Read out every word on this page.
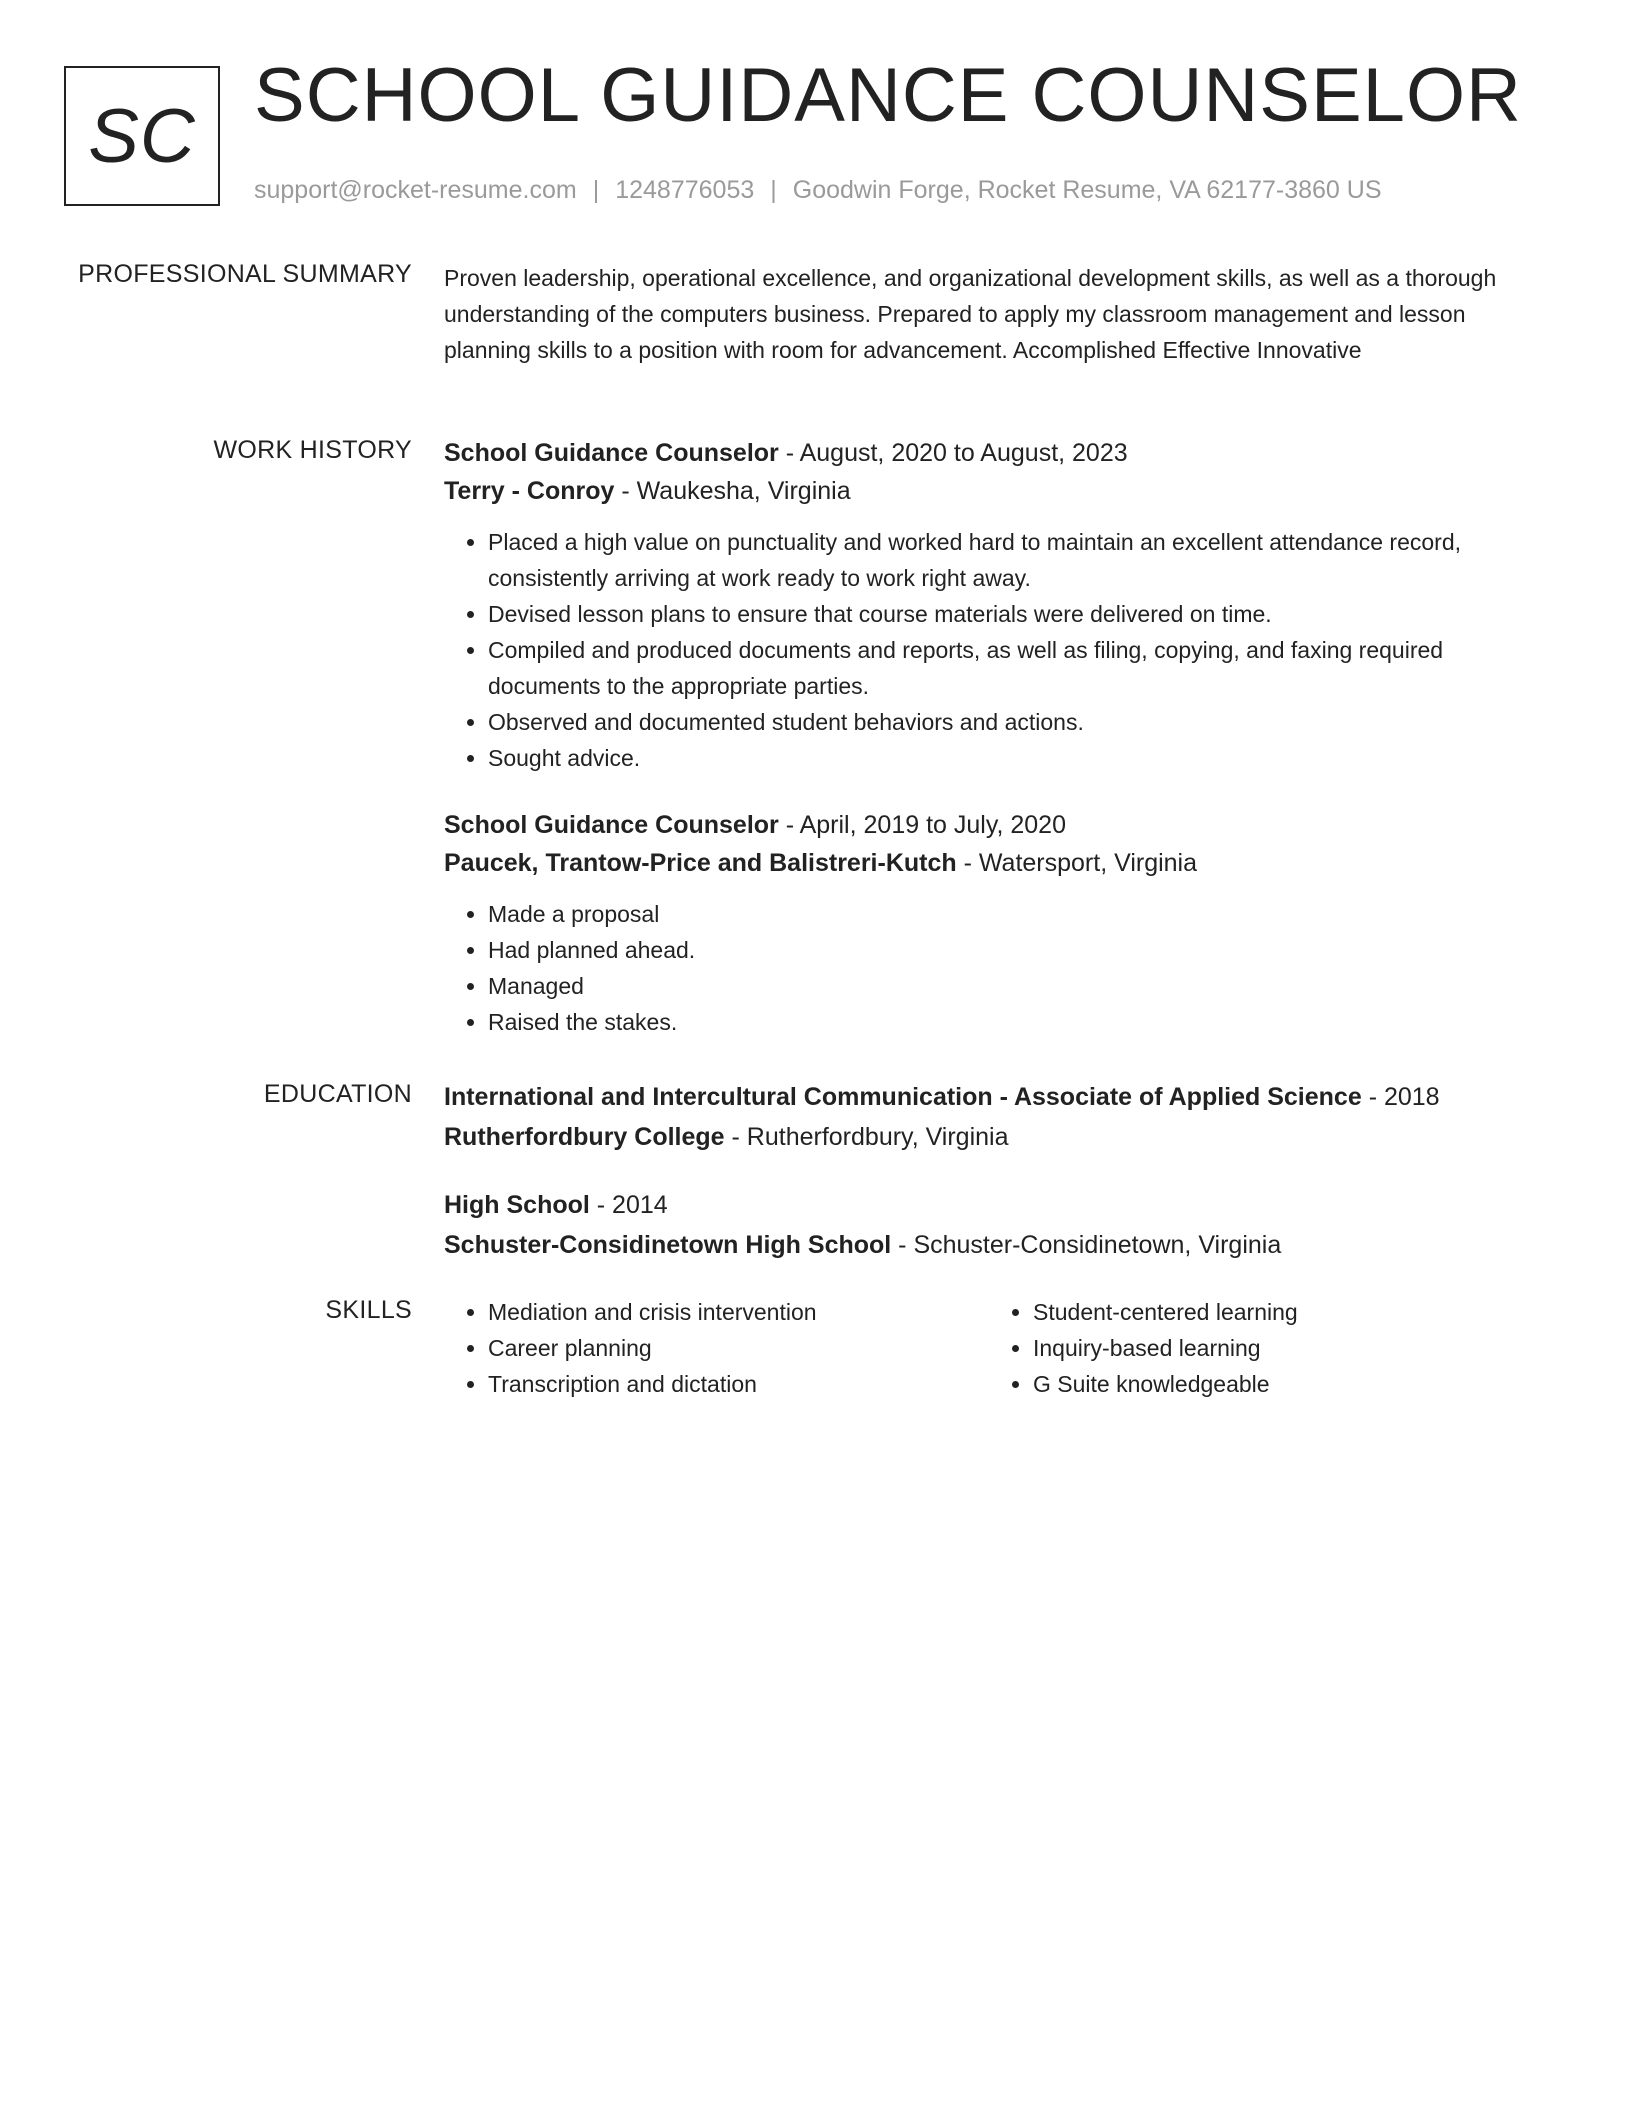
SC SCHOOL GUIDANCE COUNSELOR
support@rocket-resume.com | 1248776053 | Goodwin Forge, Rocket Resume, VA 62177-3860 US
PROFESSIONAL SUMMARY Proven leadership, operational excellence, and organizational development skills, as well as a thorough understanding of the computers business. Prepared to apply my classroom management and lesson planning skills to a position with room for advancement. Accomplished Effective Innovative

WORK HISTORY School Guidance Counselor - August, 2020 to August, 2023
Terry - Conroy - Waukesha, Virginia
• Placed a high value on punctuality and worked hard to maintain an excellent attendance record, consistently arriving at work ready to work right away.
• Devised lesson plans to ensure that course materials were delivered on time.
• Compiled and produced documents and reports, as well as filing, copying, and faxing required documents to the appropriate parties.
• Observed and documented student behaviors and actions.
• Sought advice.
School Guidance Counselor - April, 2019 to July, 2020
Paucek, Trantow-Price and Balistreri-Kutch - Watersport, Virginia
• Made a proposal
• Had planned ahead.
• Managed
• Raised the stakes.
EDUCATION International and Intercultural Communication - Associate of Applied Science - 2018
Rutherfordbury College - Rutherfordbury, Virginia
High School - 2014
Schuster-Considinetown High School - Schuster-Considinetown, Virginia
SKILLS
•	Mediation and crisis intervention
• Career planning
• Transcription and dictation
• Student-centered learning
• Inquiry-based learning
• G Suite knowledgeable
